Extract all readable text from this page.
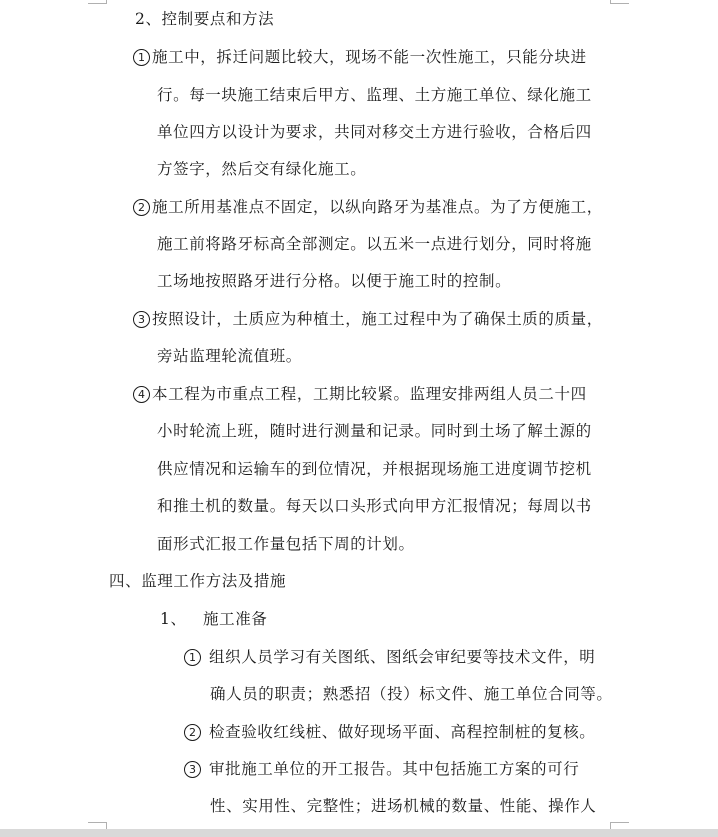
2、控制要点和方法
1 施工中，拆迁问题比较大，现场不能一次性施工，只能分块进
行。每一块施工结束后甲方、监理、土方施工单位、绿化施工
单位四方以设计为要求，共同对移交土方进行验收，合格后四
方签字，然后交有绿化施工。
2 施工所用基准点不固定，以纵向路牙为基准点。为了方便施工，
施工前将路牙标高全部测定。以五米一点进行划分，同时将施
工场地按照路牙进行分格。以便于施工时的控制。
3 按照设计，土质应为种植土，施工过程中为了确保土质的质量，
旁站监理轮流值班。
4 本工程为市重点工程，工期比较紧。监理安排两组人员二十四
小时轮流上班，随时进行测量和记录。同时到土场了解土源的
供应情况和运输车的到位情况，并根据现场施工进度调节挖机
和推土机的数量。每天以口头形式向甲方汇报情况；每周以书
面形式汇报工作量包括下周的计划。
四、监理工作方法及措施
1、 施工准备
1 组织人员学习有关图纸、图纸会审纪要等技术文件，明
确人员的职责；熟悉招（投）标文件、施工单位合同等。
2 检查验收红线桩、做好现场平面、高程控制桩的复核。
3 审批施工单位的开工报告。其中包括施工方案的可行
性、实用性、完整性；进场机械的数量、性能、操作人
